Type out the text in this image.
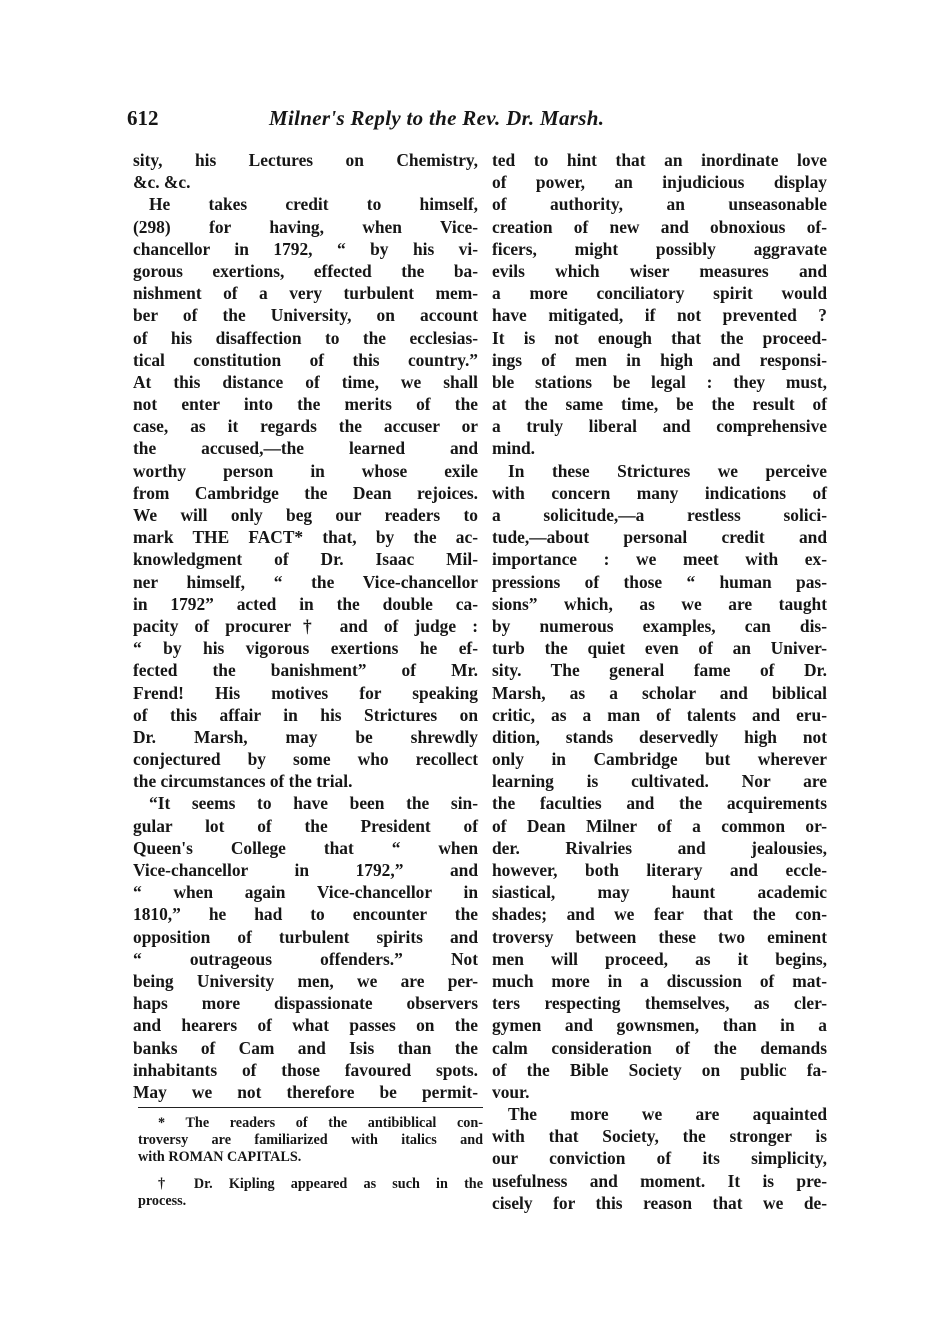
612	Milner's Reply to the Rev. Dr. Marsh.
sity, his Lectures on Chemistry,
&c. &c.
He takes credit to himself,
(298) for having, when Vice-
chancellor in 1792, “ by his vi-
gorous exertions, effected the ba-
nishment of a very turbulent mem-
ber of the University, on account
of his disaffection to the ecclesias-
tical constitution of this country.”
At this distance of time, we shall
not enter into the merits of the
case, as it regards the accuser or
the accused,—the learned and
worthy person in whose exile
from Cambridge the Dean rejoices.
We will only beg our readers to
mark THE FACT* that, by the ac-
knowledgment of Dr. Isaac Mil-
ner himself, “ the Vice-chancellor
in 1792” acted in the double ca-
pacity of procurer† and of judge :
“ by his vigorous exertions he ef-
fected the banishment” of Mr.
Frend! His motives for speaking
of this affair in his Strictures on
Dr. Marsh, may be shrewdly
conjectured by some who recollect
the circumstances of the trial.
“It seems to have been the sin-
gular lot of the President of
Queen's College that “ when
Vice-chancellor in 1792,” and
“ when again Vice-chancellor in
1810,” he had to encounter the
opposition of turbulent spirits and
“ outrageous offenders.” Not
being University men, we are per-
haps more dispassionate observers
and hearers of what passes on the
banks of Cam and Isis than the
inhabitants of those favoured spots.
May we not therefore be permit-
ted to hint that an inordinate love
of power, an injudicious display
of authority, an unseasonable
creation of new and obnoxious of-
ficers, might possibly aggravate
evils which wiser measures and
a more conciliatory spirit would
have mitigated, if not prevented ?
It is not enough that the proceed-
ings of men in high and responsi-
ble stations be legal : they must,
at the same time, be the result of
a truly liberal and comprehensive
mind.
In these Strictures we perceive
with concern many indications of
a solicitude,—a restless solici-
tude,—about personal credit and
importance : we meet with ex-
pressions of those “ human pas-
sions” which, as we are taught
by numerous examples, can dis-
turb the quiet even of an Univer-
sity. The general fame of Dr.
Marsh, as a scholar and biblical
critic, as a man of talents and eru-
dition, stands deservedly high not
only in Cambridge but wherever
learning is cultivated. Nor are
the faculties and the acquirements
of Dean Milner of a common or-
der. Rivalries and jealousies,
however, both literary and eccle-
siastical, may haunt academic
shades; and we fear that the con-
troversy between these two eminent
men will proceed, as it begins,
much more in a discussion of mat-
ters respecting themselves, as cler-
gymen and gownsmen, than in a
calm consideration of the demands
of the Bible Society on public fa-
vour.
The more we are aquainted
with that Society, the stronger is
our conviction of its simplicity,
usefulness and moment. It is pre-
cisely for this reason that we de-
* The readers of the antibiblical con-
troversy are familiarized with italics and
with ROMAN CAPITALS.
† Dr. Kipling appeared as such in the
process.
